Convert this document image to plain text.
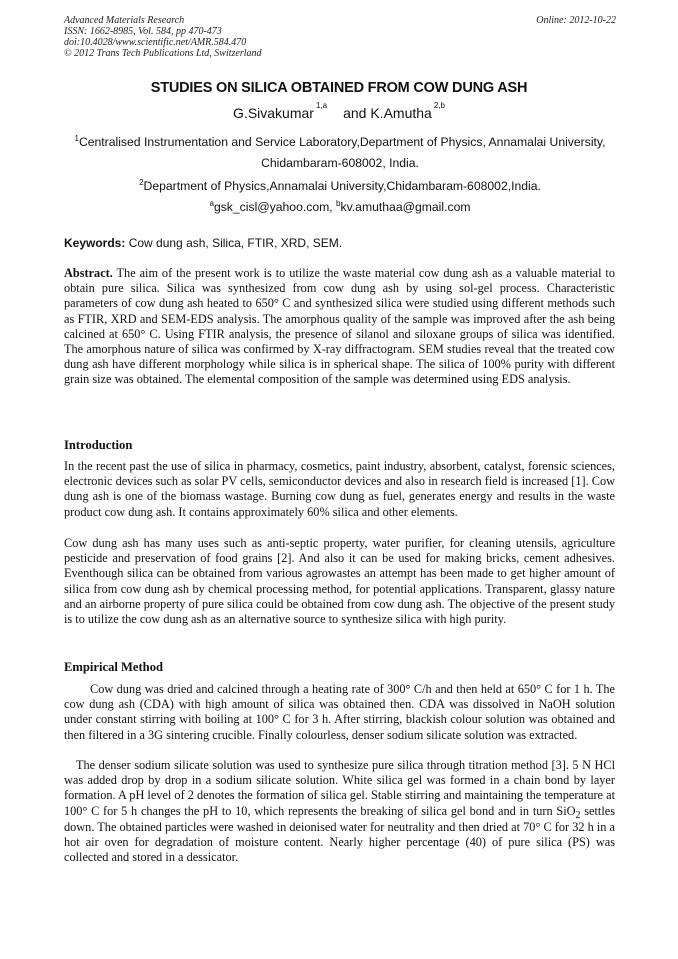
Advanced Materials Research
ISSN: 1662-8985, Vol. 584, pp 470-473
doi:10.4028/www.scientific.net/AMR.584.470
© 2012 Trans Tech Publications Ltd, Switzerland
Online: 2012-10-22
STUDIES ON SILICA OBTAINED FROM COW DUNG ASH
G.Sivakumar $^{1,a}$ and K.Amutha $^{2,b}$
$^1$Centralised Instrumentation and Service Laboratory,Department of Physics, Annamalai University,
Chidambaram-608002, India.
$^2$Department of Physics,Annamalai University,Chidambaram-608002,India.
$^a$gsk_cisl@yahoo.com, $^b$kv.amuthaa@gmail.com
Keywords: Cow dung ash, Silica, FTIR, XRD, SEM.

Abstract. The aim of the present work is to utilize the waste material cow dung ash as a valuable material to obtain pure silica. Silica was synthesized from cow dung ash by using sol-gel process. Characteristic parameters of cow dung ash heated to 650° C and synthesized silica were studied using different methods such as FTIR, XRD and SEM-EDS analysis. The amorphous quality of the sample was improved after the ash being calcined at 650° C. Using FTIR analysis, the presence of silanol and siloxane groups of silica was identified. The amorphous nature of silica was confirmed by X-ray diffractogram. SEM studies reveal that the treated cow dung ash have different morphology while silica is in spherical shape. The silica of 100% purity with different grain size was obtained. The elemental composition of the sample was determined using EDS analysis.

Introduction

In the recent past the use of silica in pharmacy, cosmetics, paint industry, absorbent, catalyst, forensic sciences, electronic devices such as solar PV cells, semiconductor devices and also in research field is increased [1]. Cow dung ash is one of the biomass wastage. Burning cow dung as fuel, generates energy and results in the waste product cow dung ash. It contains approximately 60% silica and other elements.

Cow dung ash has many uses such as anti-septic property, water purifier, for cleaning utensils, agriculture pesticide and preservation of food grains [2]. And also it can be used for making bricks, cement adhesives. Eventhough silica can be obtained from various agrowastes an attempt has been made to get higher amount of silica from cow dung ash by chemical processing method, for potential applications. Transparent, glassy nature and an airborne property of pure silica could be obtained from cow dung ash. The objective of the present study is to utilize the cow dung ash as an alternative source to synthesize silica with high purity.

Empirical Method

Cow dung was dried and calcined through a heating rate of 300° C/h and then held at 650° C for 1 h. The cow dung ash (CDA) with high amount of silica was obtained then. CDA was dissolved in NaOH solution under constant stirring with boiling at 100° C for 3 h. After stirring, blackish colour solution was obtained and then filtered in a 3G sintering crucible. Finally colourless, denser sodium silicate solution was extracted.

The denser sodium silicate solution was used to synthesize pure silica through titration method [3]. 5 N HCl was added drop by drop in a sodium silicate solution. White silica gel was formed in a chain bond by layer formation. A pH level of 2 denotes the formation of silica gel. Stable stirring and maintaining the temperature at 100° C for 5 h changes the pH to 10, which represents the breaking of silica gel bond and in turn SiO$_2$ settles down. The obtained particles were washed in deionised water for neutrality and then dried at 70° C for 32 h in a hot air oven for degradation of moisture content. Nearly higher percentage (40) of pure silica (PS) was collected and stored in a dessicator.
